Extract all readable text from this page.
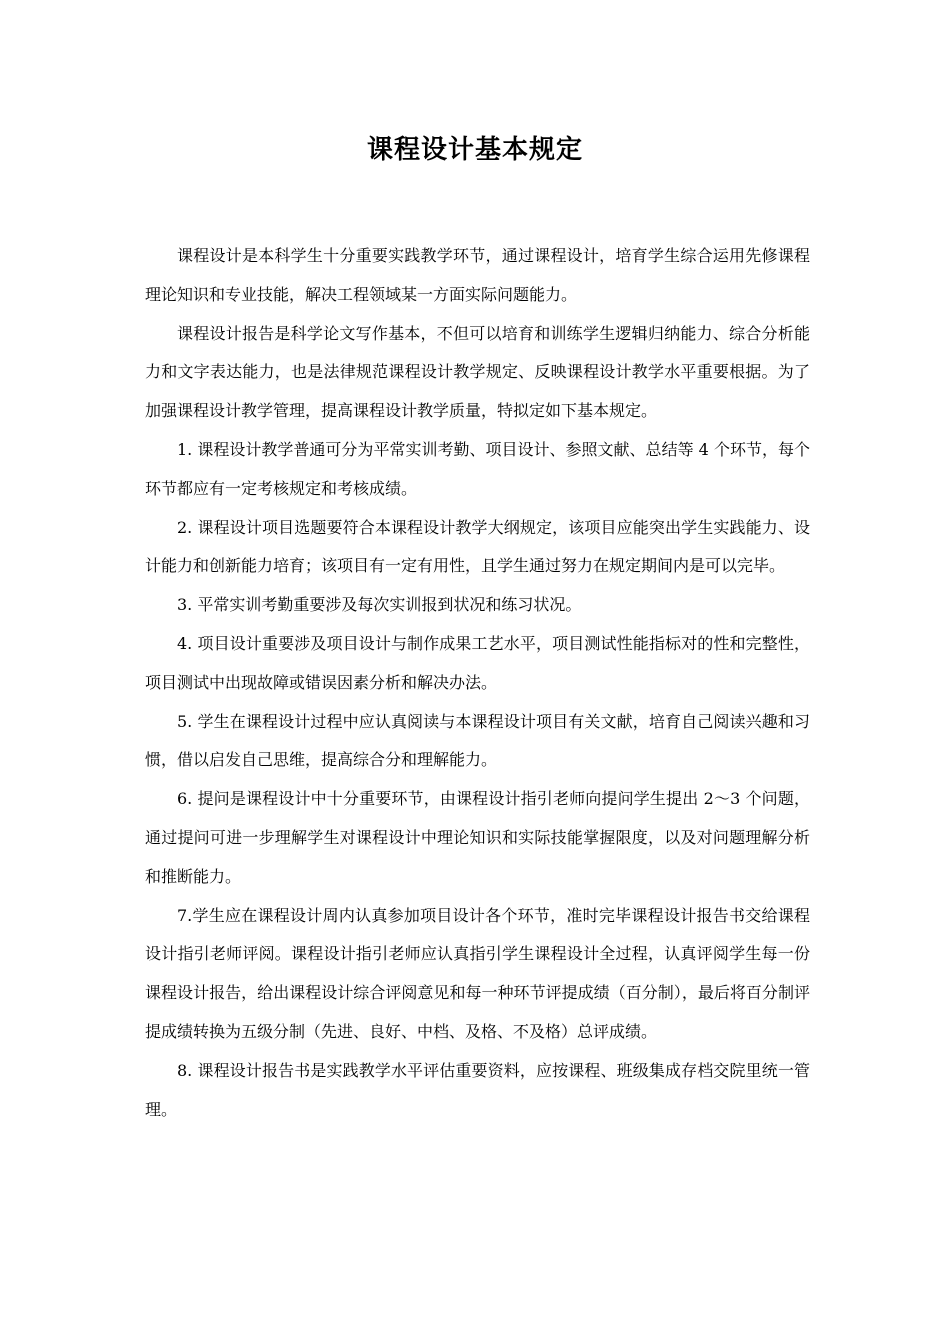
课程设计基本规定

课程设计是本科学生十分重要实践教学环节，通过课程设计，培育学生综合运用先修课程理论知识和专业技能，解决工程领域某一方面实际问题能力。

课程设计报告是科学论文写作基本，不但可以培育和训练学生逻辑归纳能力、综合分析能力和文字表达能力，也是法律规范课程设计教学规定、反映课程设计教学水平重要根据。为了加强课程设计教学管理，提高课程设计教学质量，特拟定如下基本规定。

1. 课程设计教学普通可分为平常实训考勤、项目设计、参照文献、总结等 4 个环节，每个环节都应有一定考核规定和考核成绩。

2. 课程设计项目选题要符合本课程设计教学大纲规定，该项目应能突出学生实践能力、设计能力和创新能力培育；该项目有一定有用性，且学生通过努力在规定期间内是可以完毕。

3. 平常实训考勤重要涉及每次实训报到状况和练习状况。

4. 项目设计重要涉及项目设计与制作成果工艺水平，项目测试性能指标对的性和完整性，项目测试中出现故障或错误因素分析和解决办法。

5. 学生在课程设计过程中应认真阅读与本课程设计项目有关文献，培育自己阅读兴趣和习惯，借以启发自己思维，提高综合分和理解能力。

6. 提问是课程设计中十分重要环节，由课程设计指引老师向提问学生提出 2～3 个问题，通过提问可进一步理解学生对课程设计中理论知识和实际技能掌握限度，以及对问题理解分析和推断能力。

7.学生应在课程设计周内认真参加项目设计各个环节，准时完毕课程设计报告书交给课程设计指引老师评阅。课程设计指引老师应认真指引学生课程设计全过程，认真评阅学生每一份课程设计报告，给出课程设计综合评阅意见和每一种环节评提成绩（百分制），最后将百分制评提成绩转换为五级分制（先进、良好、中档、及格、不及格）总评成绩。

8. 课程设计报告书是实践教学水平评估重要资料，应按课程、班级集成存档交院里统一管理。
